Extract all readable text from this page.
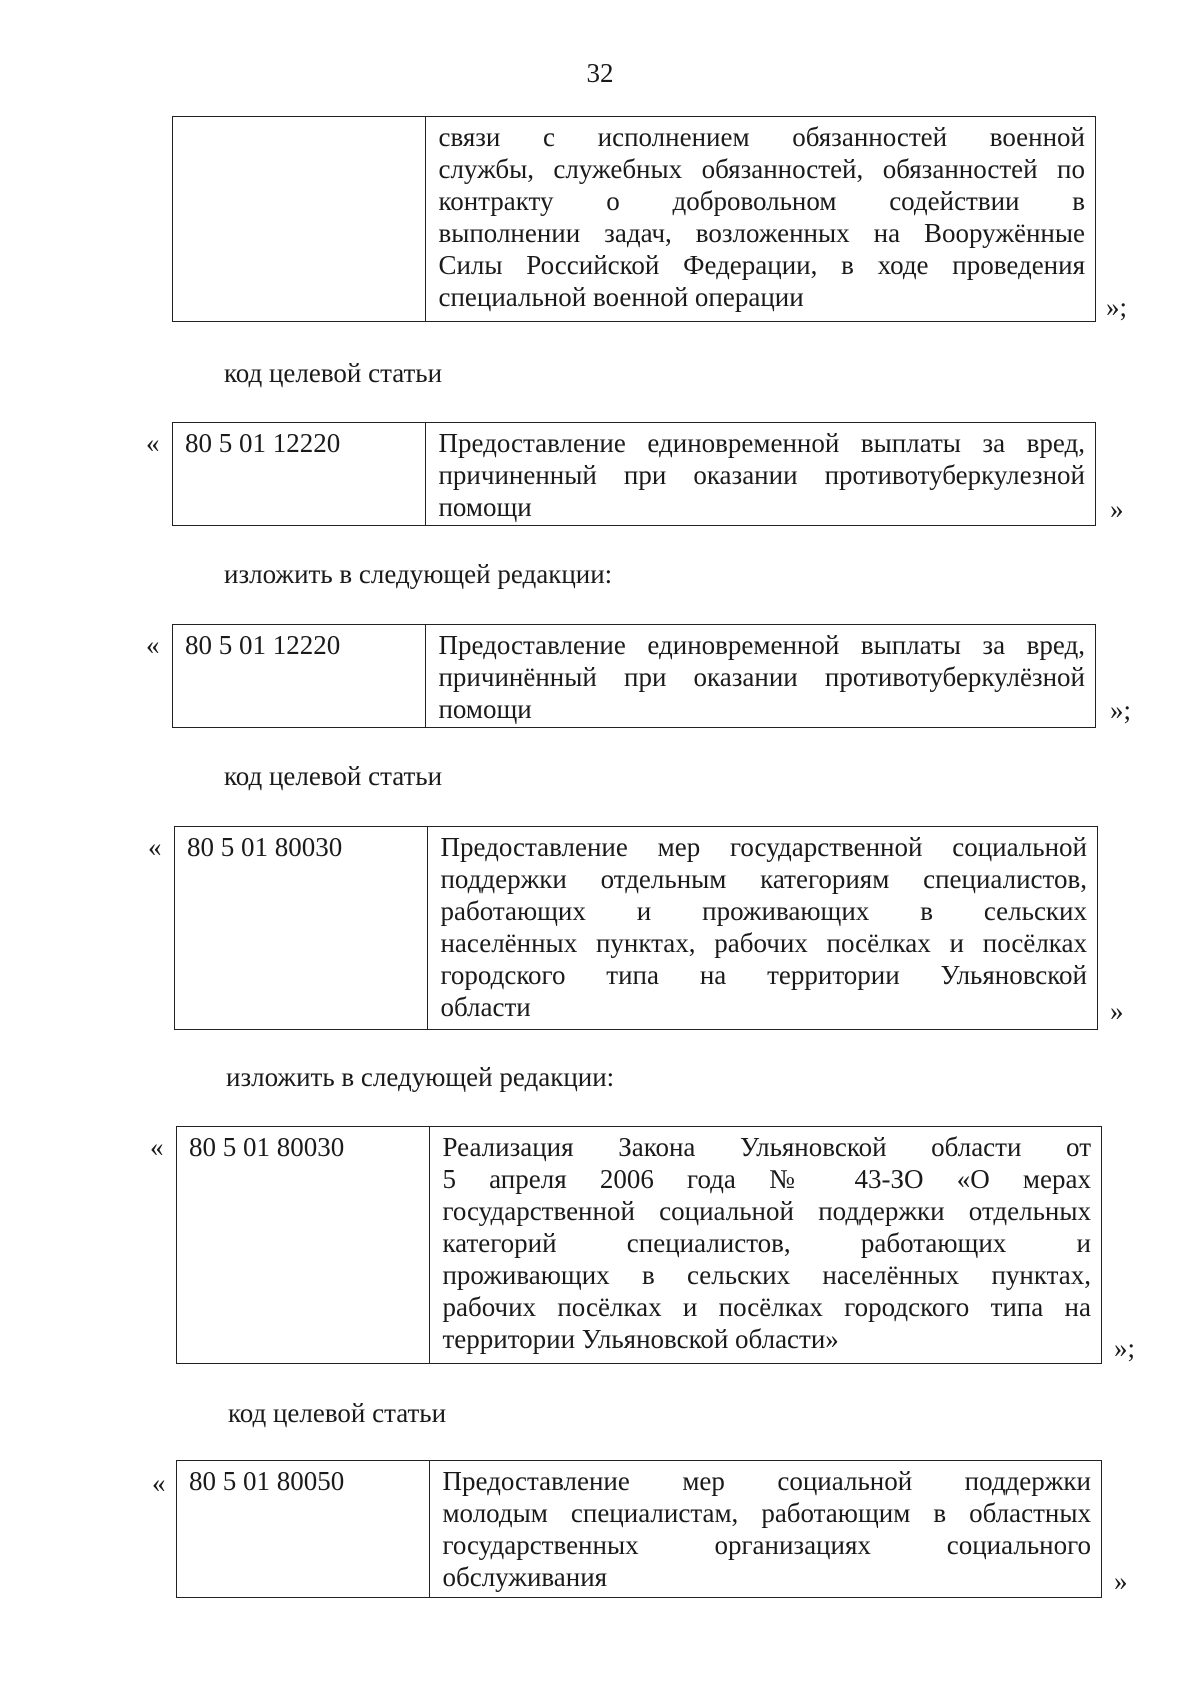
32
связи с исполнением обязанностей военной
службы, служебных обязанностей, обязанностей по
контракту о добровольном содействии в
выполнении задач, возложенных на Вооружённые
Силы Российской Федерации, в ходе проведения
специальной военной операции	»;
код целевой статьи
« 80 5 01 12220	Предоставление единовременной выплаты за вред,
причиненный при оказании противотуберкулезной
помощи	»
изложить в следующей редакции:
« 80 5 01 12220	Предоставление единовременной выплаты за вред,
причинённый при оказании противотуберкулёзной
помощи	»;
код целевой статьи
« 80 5 01 80030	Предоставление мер государственной социальной
поддержки отдельным категориям специалистов,
работающих и проживающих в сельских
населённых пунктах, рабочих посёлках и посёлках
городского типа на территории Ульяновской
области	»
изложить в следующей редакции:
« 80 5 01 80030	Реализация Закона Ульяновской области от
5 апреля 2006 года № 43-ЗО «О мерах
государственной социальной поддержки отдельных
категорий специалистов, работающих и
проживающих в сельских населённых пунктах,
рабочих посёлках и посёлках городского типа на
территории Ульяновской области»	»;
код целевой статьи
« 80 5 01 80050	Предоставление мер социальной поддержки
молодым специалистам, работающим в областных
государственных организациях социального
обслуживания	»
